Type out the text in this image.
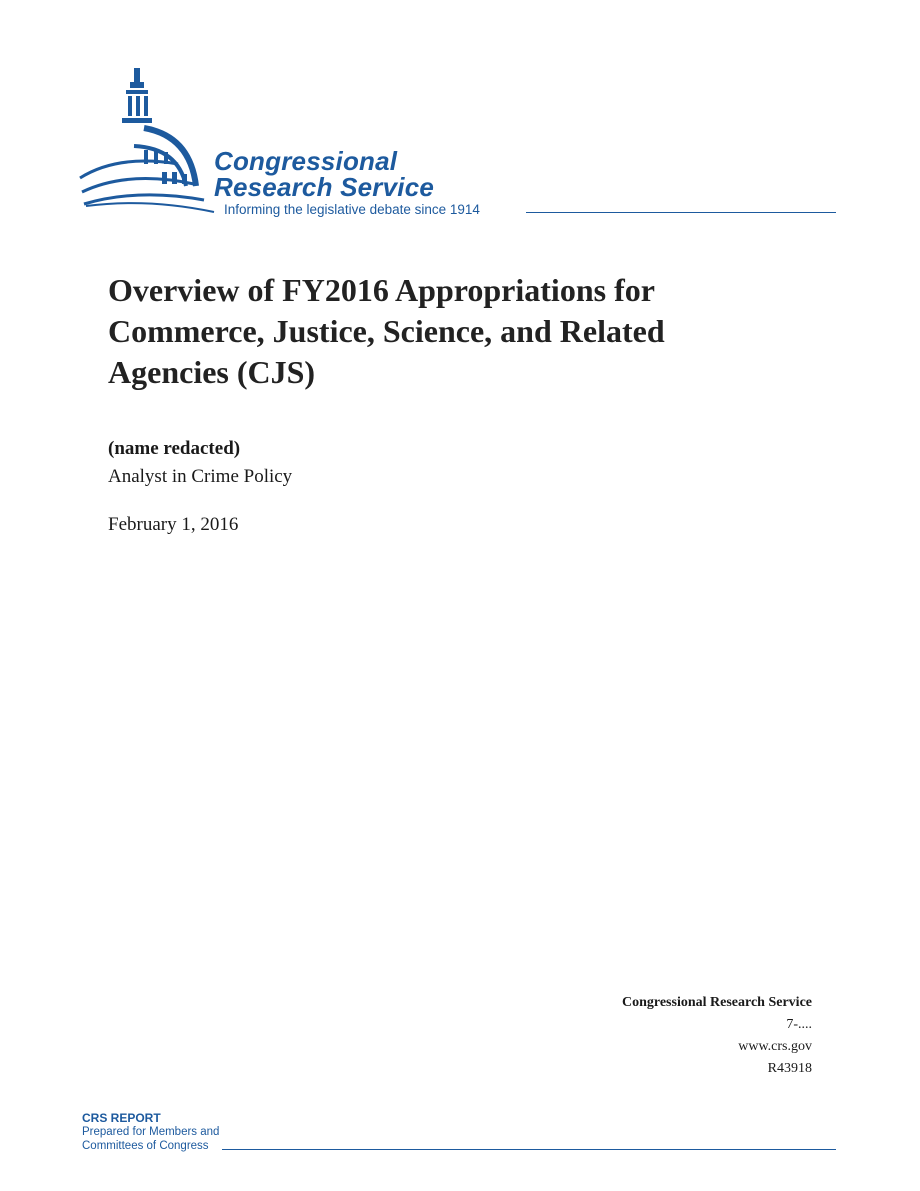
Congressional
Research Service
Informing the legislative debate since 1914
Overview of FY2016 Appropriations for Commerce, Justice, Science, and Related Agencies (CJS)
(name redacted)
Analyst in Crime Policy
February 1, 2016
Congressional Research Service
7-....
www.crs.gov
R43918
CRS REPORT
Prepared for Members and
Committees of Congress
